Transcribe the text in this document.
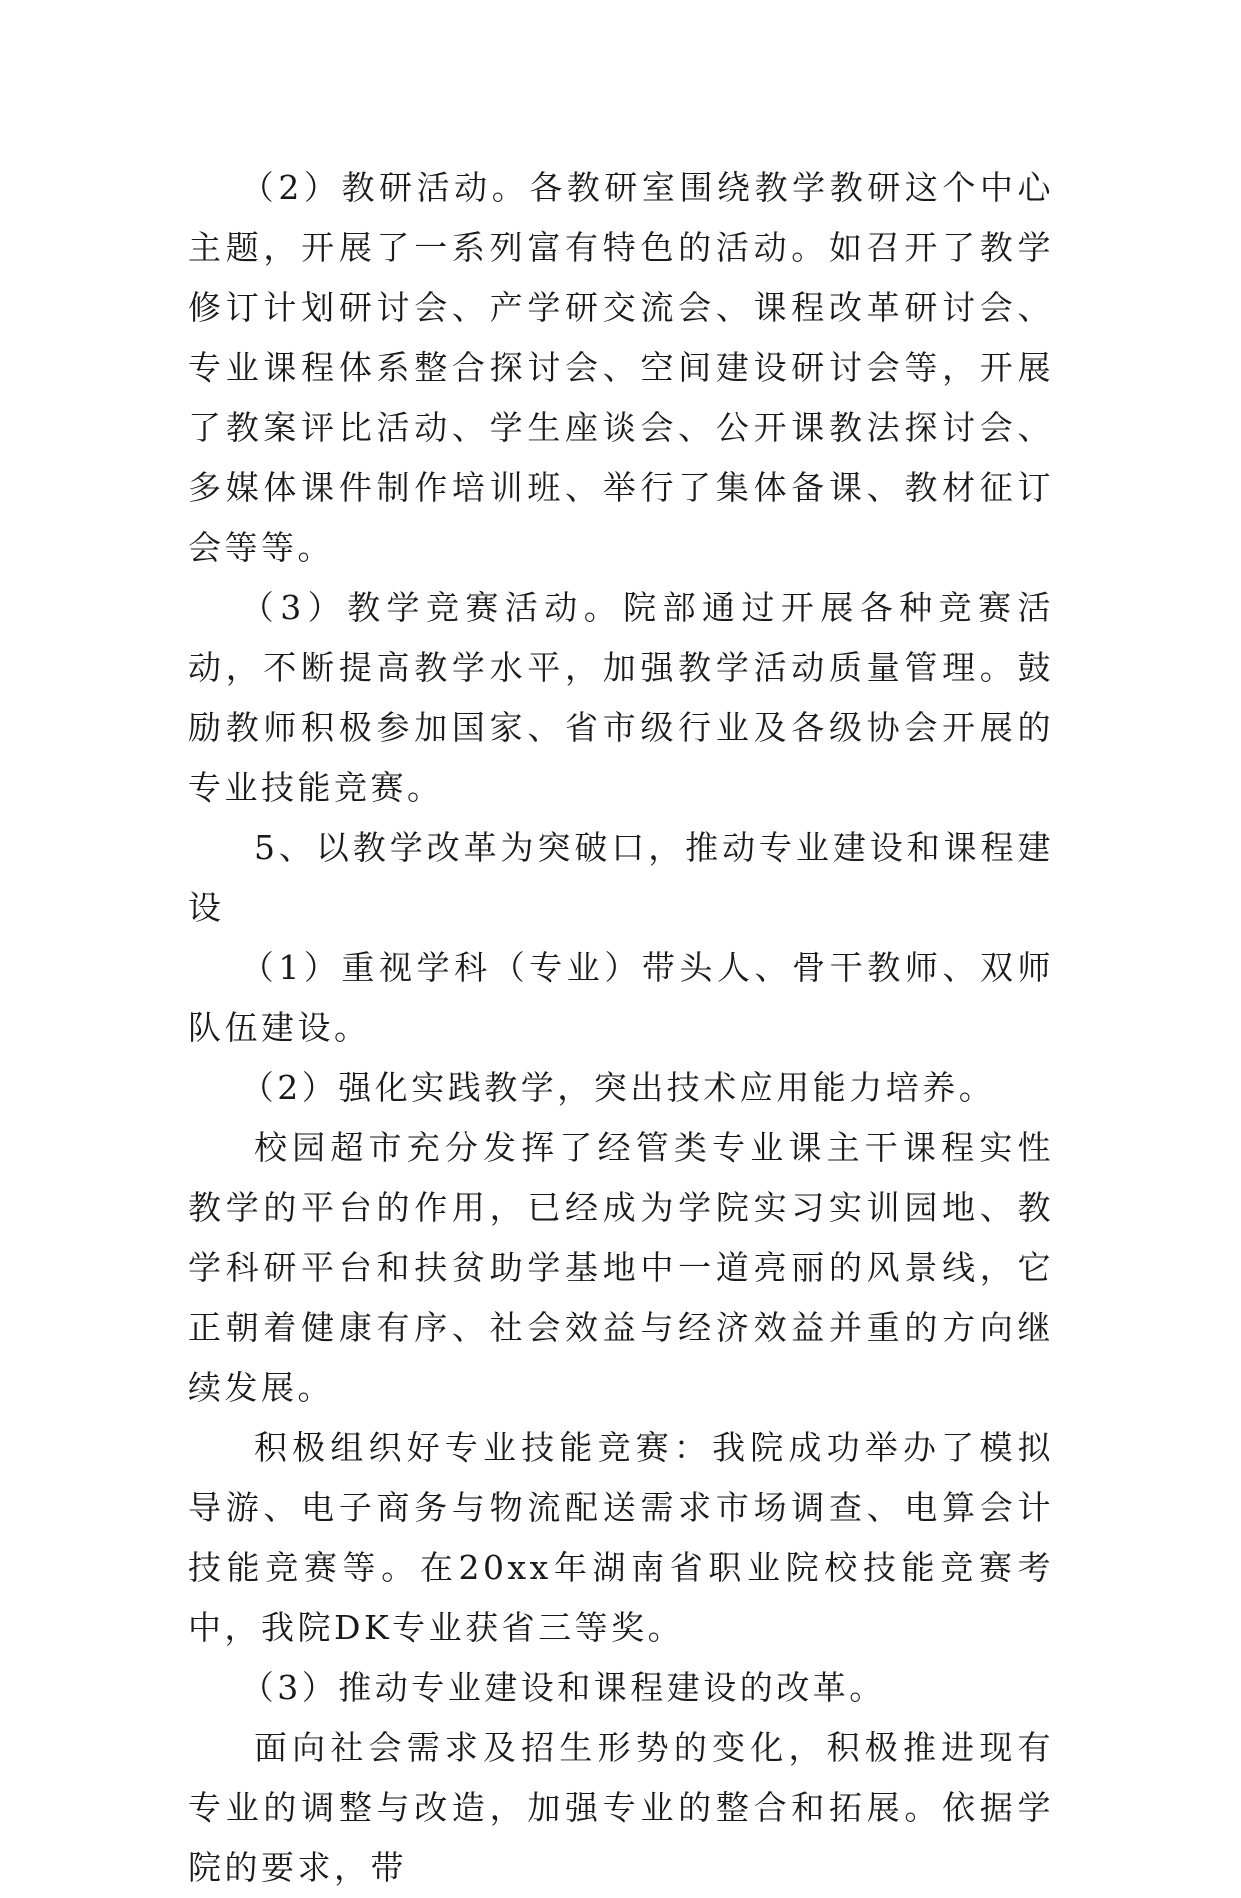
（2）教研活动。各教研室围绕教学教研这个中心主题，开展了一系列富有特色的活动。如召开了教学修订计划研讨会、产学研交流会、课程改革研讨会、专业课程体系整合探讨会、空间建设研讨会等，开展了教案评比活动、学生座谈会、公开课教法探讨会、多媒体课件制作培训班、举行了集体备课、教材征订会等等。

（3）教学竞赛活动。院部通过开展各种竞赛活动，不断提高教学水平，加强教学活动质量管理。鼓励教师积极参加国家、省市级行业及各级协会开展的专业技能竞赛。

5、以教学改革为突破口，推动专业建设和课程建设

（1）重视学科（专业）带头人、骨干教师、双师队伍建设。

（2）强化实践教学，突出技术应用能力培养。

校园超市充分发挥了经管类专业课主干课程实性教学的平台的作用，已经成为学院实习实训园地、教学科研平台和扶贫助学基地中一道亮丽的风景线，它正朝着健康有序、社会效益与经济效益并重的方向继续发展。

积极组织好专业技能竞赛：我院成功举办了模拟导游、电子商务与物流配送需求市场调查、电算会计技能竞赛等。在20xx年湖南省职业院校技能竞赛考中，我院DK专业获省三等奖。

（3）推动专业建设和课程建设的改革。

面向社会需求及招生形势的变化，积极推进现有专业的调整与改造，加强专业的整合和拓展。依据学院的要求，带
